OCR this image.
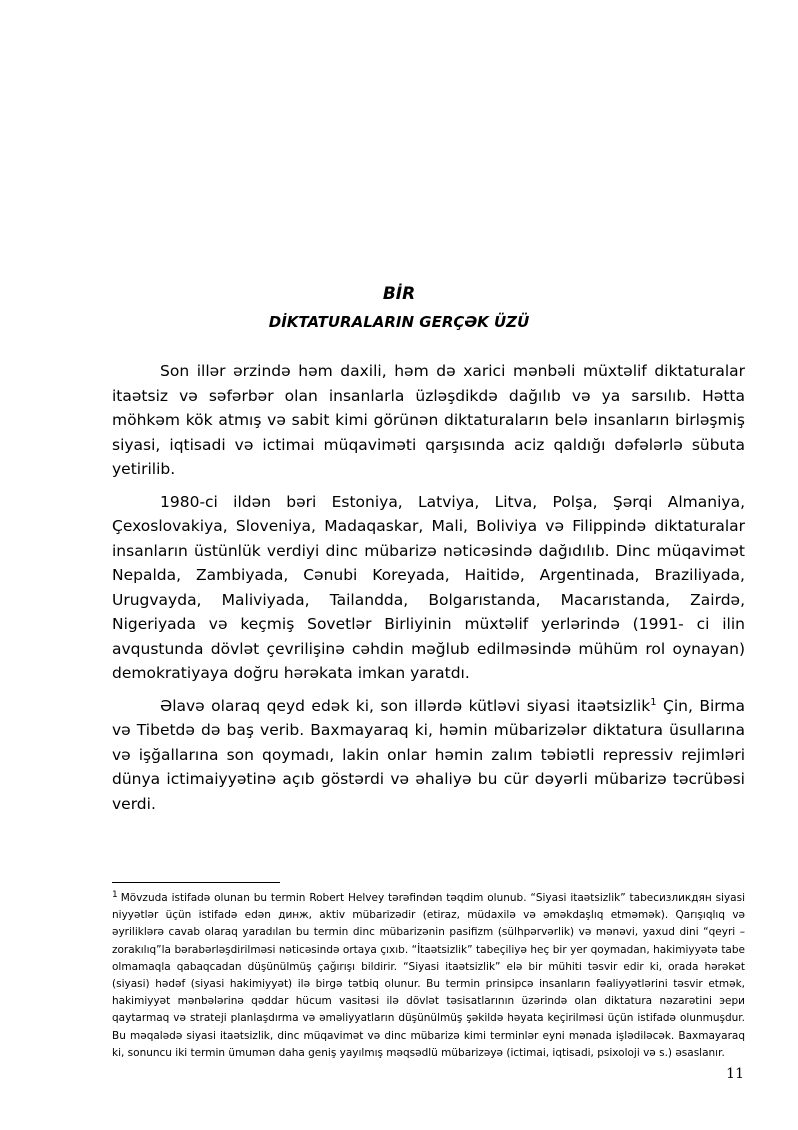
BİR
DİKTATURALARIN GERÇƏK ÜZÜ

Son illər ərzində həm daxili, həm də xarici mənbəli müxtəlif diktaturalar itaətsiz və səfərbər olan insanlarla üzləşdikdə dağılıb və ya sarsılıb. Hətta möhkəm kök atmış və sabit kimi görünən diktaturaların belə insanların birləşmiş siyasi, iqtisadi və ictimai müqaviməti qarşısında aciz qaldığı dəfələrlə sübuta yetirilib.

1980-ci ildən bəri Estoniya, Latviya, Litva, Polşa, Şərqi Almaniya, Çexoslovakiya, Sloveniya, Madaqaskar, Mali, Boliviya və Filippində diktaturalar insanların üstünlük verdiyi dinc mübarizə nəticəsində dağıdılıb. Dinc müqavimət Nepalda, Zambiyada, Cənubi Koreyada, Haitidə, Argentinada, Braziliyada, Urugvayda, Maliviyada, Tailandda, Bolgarıstanda, Macarıstanda, Zairdə, Nigeriyada və keçmiş Sovetlər Birliyinin müxtəlif yerlərində (1991- ci ilin avqustunda dövlət çevrilişinə cəhdin məğlub edilməsində mühüm rol oynayan) demokratiyaya doğru hərəkata imkan yaratdı.

Əlavə olaraq qeyd edək ki, son illərdə kütləvi siyasi itaətsizlik$^1$ Çin, Birma və Tibetdə də baş verib. Baxmayaraq ki, həmin mübarizələr diktatura üsullarına və işğallarına son qoymadı, lakin onlar həmin zalım təbiətli repressiv rejimləri dünya ictimaiyyətinə açıb göstərdi və əhaliyə bu cür dəyərli mübarizə təcrübəsi verdi.

1 Mövzuda istifadə olunan bu termin Robert Helvey tərəfindən təqdim olunub. “Siyasi itaətsizlik” tabeсизликдян siyasi niyyətlər üçün istifadə edən динж, aktiv mübarizədir (etiraz, müdaxilə və əməkdaşlıq etməmək). Qarışıqlıq və əyriliklərə cavab olaraq yaradılan bu termin dinc mübarizənin pasifizm (sülhpərvərlik) və mənəvi, yaxud dini “qeyri – zorakılıq”la bərabərləşdirilməsi nəticəsində ortaya çıxıb. “İtaətsizlik” tabeçiliyə heç bir yer qoymadan, hakimiyyətə tabe olmamaqla qabaqcadan düşünülmüş çağırışı bildirir. “Siyasi itaətsizlik” elə bir mühiti təsvir edir ki, orada hərəkət (siyasi) hədəf (siyasi hakimiyyət) ilə birgə tətbiq olunur. Bu termin prinsipcə insanların fəaliyyətlərini təsvir etmək, hakimiyyət mənbələrinə qəddar hücum vasitəsi ilə dövlət təsisatlarının üzərində olan diktatura nəzarətini эери qaytarmaq və strateji planlaşdırma və əməliyyatların düşünülmüş şəkildə həyata keçirilməsi üçün istifadə olunmuşdur. Bu məqalədə siyasi itaətsizlik, dinc müqavimət və dinc mübarizə kimi terminlər eyni mənada işlədiləcək. Baxmayaraq ki, sonuncu iki termin ümumən daha geniş yayılmış məqsədlü mübarizəyə (ictimai, iqtisadi, psixoloji və s.) əsaslanır.

11
